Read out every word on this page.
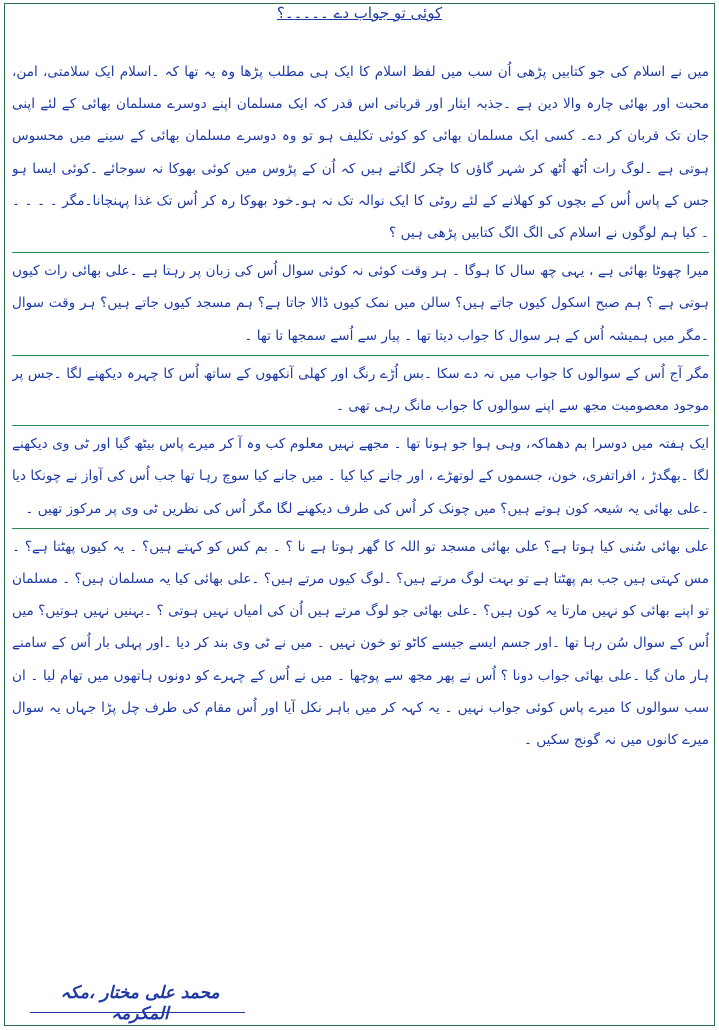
کوئی تو جواب دے ۔۔۔۔۔؟

میں نے اسلام کی جو کتابیں پڑھی اُن سب میں لفظ اسلام کا ایک ہی مطلب پڑھا وہ یہ تھا کہ ۔اسلام ایک سلامتی، امن، محبت اور بھائی چارہ والا دین ہے ۔جذبہ ایثار اور قربانی اس قدر کہ ایک مسلمان اپنے دوسرے مسلمان بھائی کے لئے اپنی جان تک قربان کر دے۔ کسی ایک مسلمان بھائی کو کوئی تکلیف ہو تو وہ دوسرے مسلمان بھائی کے سینے میں محسوس ہوتی ہے ۔لوگ رات اُٹھ اُٹھ کر شہر گاؤں کا چکر لگاتے ہیں کہ اُن کے پڑوس میں کوئی بھوکا نہ سوجائے ۔کوئی ایسا ہو جس کے پاس اُس کے بچوں کو کھلانے کے لئے روٹی کا ایک نوالہ تک نہ ہو۔خود بھوکا رہ کر اُس تک غذا پہنچانا۔مگر ۔ ۔ ۔ ۔ ۔ کیا ہم لوگوں نے اسلام کی الگ الگ کتابیں پڑھی ہیں ؟

میرا چھوٹا بھائی ہے ، یہی چھ سال کا ہوگا ۔ ہر وقت کوئی نہ کوئی سوال اُس کی زبان پر رہتا ہے ۔علی بھائی رات کیوں ہوتی ہے ؟ ہم صبح اسکول کیوں جاتے ہیں؟ سالن میں نمک کیوں ڈالا جاتا ہے؟ ہم مسجد کیوں جاتے ہیں؟ ہر وقت سوال ۔مگر میں ہمیشہ اُس کے ہر سوال کا جواب دیتا تھا ۔ پیار سے اُسے سمجھا تا تھا ۔

مگر آج اُس کے سوالوں کا جواب میں نہ دے سکا ۔بس اُڑے رنگ اور کھلی آنکھوں کے ساتھ اُس کا چہرہ دیکھنے لگا ۔جس پر موجود معصومیت مجھ سے اپنے سوالوں کا جواب مانگ رہی تھی ۔

ایک ہفتہ میں دوسرا بم دھماکہ، وہی ہوا جو ہونا تھا ۔ مجھے نہیں معلوم کب وہ آ کر میرے پاس بیٹھ گیا اور ٹی وی دیکھنے لگا ۔بھگدڑ ، افراتفری، خون، جسموں کے لوتھڑے ، اور جانے کیا کیا ۔ میں جانے کیا سوچ رہا تھا جب اُس کی آواز نے چونکا دیا ۔علی بھائی یہ شیعہ کون ہوتے ہیں؟ میں چونک کر اُس کی طرف دیکھنے لگا مگر اُس کی نظریں ٹی وی پر مرکوز تھیں ۔

علی بھائی سُنی کیا ہوتا ہے؟ علی بھائی مسجد تو اللہ کا گھر ہوتا ہے نا ؟ ۔ بم کس کو کہتے ہیں؟ ۔ یہ کیوں پھٹتا ہے؟ ۔مس کہتی ہیں جب بم پھٹتا ہے تو بہت لوگ مرتے ہیں؟ ۔لوگ کیوں مرتے ہیں؟ ۔علی بھائی کیا یہ مسلمان ہیں؟ ۔ مسلمان تو اپنے بھائی کو نہیں مارتا یہ کون ہیں؟ ۔علی بھائی جو لوگ مرتے ہیں اُن کی امیاں نہیں ہوتی ؟ ۔بہنیں نہیں ہوتیں؟ میں اُس کے سوال سُن رہا تھا ۔اور جسم ایسے جیسے کاٹو تو خون نہیں ۔ میں نے ٹی وی بند کر دیا ۔اور پہلی بار اُس کے سامنے ہار مان گیا ۔علی بھائی جواب دونا ؟ اُس نے پھر مجھ سے پوچھا ۔ میں نے اُس کے چہرے کو دونوں ہاتھوں میں تھام لیا ۔ ان سب سوالوں کا میرے پاس کوئی جواب نہیں ۔ یہ کہہ کر میں باہر نکل آیا اور اُس مقام کی طرف چل پڑا جہاں یہ سوال میرے کانوں میں نہ گونج سکیں ۔

محمد علی مختار ،مکہ المکرمہ
